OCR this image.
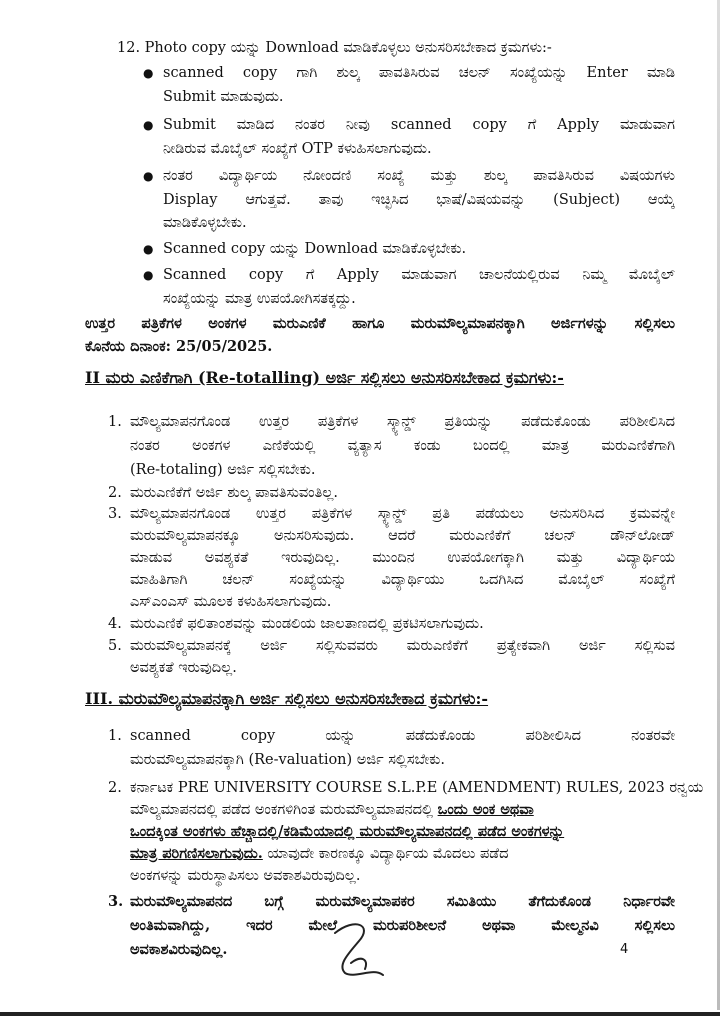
12. Photo copy ಯನ್ನು Download ಮಾಡಿಕೊಳ್ಳಲು ಅನುಸರಿಸಬೇಕಾದ ಕ್ರಮಗಳು:-
● scanned copy ಗಾಗಿ ಶುಲ್ಕ ಪಾವತಿಸಿರುವ ಚಲನ್ ಸಂಖ್ಯೆಯನ್ನು Enter ಮಾಡಿ
Submit ಮಾಡುವುದು.
● Submit ಮಾಡಿದ ನಂತರ ನೀವು scanned copy ಗೆ Apply ಮಾಡುವಾಗ
ನೀಡಿರುವ ಮೊಬೈಲ್ ಸಂಖ್ಯೆಗೆ OTP ಕಳುಹಿಸಲಾಗುವುದು.
● ನಂತರ ವಿದ್ಯಾರ್ಥಿಯ ನೋಂದಣಿ ಸಂಖ್ಯೆ ಮತ್ತು ಶುಲ್ಕ ಪಾವತಿಸಿರುವ ವಿಷಯಗಳು
Display ಆಗುತ್ತವೆ. ತಾವು ಇಚ್ಛಿಸಿದ ಭಾಷೆ/ವಿಷಯವನ್ನು (Subject) ಆಯ್ಕೆ
ಮಾಡಿಕೊಳ್ಳಬೇಕು.
● Scanned copy ಯನ್ನು Download ಮಾಡಿಕೊಳ್ಳಬೇಕು.
● Scanned copy ಗೆ Apply ಮಾಡುವಾಗ ಚಾಲನೆಯಲ್ಲಿರುವ ನಿಮ್ಮ ಮೊಬೈಲ್
ಸಂಖ್ಯೆಯನ್ನು ಮಾತ್ರ ಉಪಯೋಗಿಸತಕ್ಕದ್ದು.
ಉತ್ತರ ಪತ್ರಿಕೆಗಳ ಅಂಕಗಳ ಮರುಎಣಿಕೆ ಹಾಗೂ ಮರುಮೌಲ್ಯಮಾಪನಕ್ಕಾಗಿ ಅರ್ಜಿಗಳನ್ನು ಸಲ್ಲಿಸಲು
ಕೊನೆಯ ದಿನಾಂಕ: 25/05/2025.
II ಮರು ಎಣಿಕೆಗಾಗಿ (Re-totalling) ಅರ್ಜಿ ಸಲ್ಲಿಸಲು ಅನುಸರಿಸಬೇಕಾದ ಕ್ರಮಗಳು:-
1. ಮೌಲ್ಯಮಾಪನಗೊಂಡ ಉತ್ತರ ಪತ್ರಿಕೆಗಳ ಸ್ಕ್ಯಾನ್ಡ್ ಪ್ರತಿಯನ್ನು ಪಡೆದುಕೊಂಡು ಪರಿಶೀಲಿಸಿದ
ನಂತರ ಅಂಕಗಳ ಎಣಿಕೆಯಲ್ಲಿ ವ್ಯತ್ಯಾಸ ಕಂಡು ಬಂದಲ್ಲಿ ಮಾತ್ರ ಮರುಎಣಿಕೆಗಾಗಿ
(Re-totaling) ಅರ್ಜಿ ಸಲ್ಲಿಸಬೇಕು.
2. ಮರುಎಣಿಕೆಗೆ ಅರ್ಜಿ ಶುಲ್ಕ ಪಾವತಿಸುವಂತಿಲ್ಲ.
3. ಮೌಲ್ಯಮಾಪನಗೊಂಡ ಉತ್ತರ ಪತ್ರಿಕೆಗಳ ಸ್ಕ್ಯಾನ್ಡ್ ಪ್ರತಿ ಪಡೆಯಲು ಅನುಸರಿಸಿದ ಕ್ರಮವನ್ನೇ
ಮರುಮೌಲ್ಯಮಾಪನಕ್ಕೂ ಅನುಸರಿಸುವುದು. ಆದರೆ ಮರುಎಣಿಕೆಗೆ ಚಲನ್ ಡೌನ್‌ಲೋಡ್
ಮಾಡುವ ಅವಶ್ಯಕತೆ ಇರುವುದಿಲ್ಲ. ಮುಂದಿನ ಉಪಯೋಗಕ್ಕಾಗಿ ಮತ್ತು ವಿದ್ಯಾರ್ಥಿಯ
ಮಾಹಿತಿಗಾಗಿ ಚಲನ್ ಸಂಖ್ಯೆಯನ್ನು ವಿದ್ಯಾರ್ಥಿಯು ಒದಗಿಸಿದ ಮೊಬೈಲ್ ಸಂಖ್ಯೆಗೆ
ಎಸ್‌ಎಂಎಸ್ ಮೂಲಕ ಕಳುಹಿಸಲಾಗುವುದು.
4. ಮರುಎಣಿಕೆ ಫಲಿತಾಂಶವನ್ನು ಮಂಡಲಿಯ ಜಾಲತಾಣದಲ್ಲಿ ಪ್ರಕಟಿಸಲಾಗುವುದು.
5. ಮರುಮೌಲ್ಯಮಾಪನಕ್ಕೆ ಅರ್ಜಿ ಸಲ್ಲಿಸುವವರು ಮರುಎಣಿಕೆಗೆ ಪ್ರತ್ಯೇಕವಾಗಿ ಅರ್ಜಿ ಸಲ್ಲಿಸುವ
ಅವಶ್ಯಕತೆ ಇರುವುದಿಲ್ಲ.
III. ಮರುಮೌಲ್ಯಮಾಪನಕ್ಕಾಗಿ ಅರ್ಜಿ ಸಲ್ಲಿಸಲು ಅನುಸರಿಸಬೇಕಾದ ಕ್ರಮಗಳು:-
1. scanned copy ಯನ್ನು ಪಡೆದುಕೊಂಡು ಪರಿಶೀಲಿಸಿದ ನಂತರವೇ
ಮರುಮೌಲ್ಯಮಾಪನಕ್ಕಾಗಿ (Re-valuation) ಅರ್ಜಿ ಸಲ್ಲಿಸಬೇಕು.
2. ಕರ್ನಾಟಕ PRE UNIVERSITY COURSE S.L.P.E (AMENDMENT) RULES, 2023 ರನ್ವಯ
ಮೌಲ್ಯಮಾಪನದಲ್ಲಿ ಪಡೆದ ಅಂಕಗಳಿಗಿಂತ ಮರುಮೌಲ್ಯಮಾಪನದಲ್ಲಿ ಒಂದು ಅಂಕ ಅಥವಾ
ಒಂದಕ್ಕಿಂತ ಅಂಕಗಳು ಹೆಚ್ಚಾದಲ್ಲಿ/ಕಡಿಮೆಯಾದಲ್ಲಿ ಮರುಮೌಲ್ಯಮಾಪನದಲ್ಲಿ ಪಡೆದ ಅಂಕಗಳನ್ನು
ಮಾತ್ರ ಪರಿಗಣಿಸಲಾಗುವುದು. ಯಾವುದೇ ಕಾರಣಕ್ಕೂ ವಿದ್ಯಾರ್ಥಿಯ ಮೊದಲು ಪಡೆದ
ಅಂಕಗಳನ್ನು ಮರುಸ್ಥಾಪಿಸಲು ಅವಕಾಶವಿರುವುದಿಲ್ಲ.
3. ಮರುಮೌಲ್ಯಮಾಪನದ ಬಗ್ಗೆ ಮರುಮೌಲ್ಯಮಾಪಕರ ಸಮಿತಿಯು ತೆಗೆದುಕೊಂಡ ನಿರ್ಧಾರವೇ
ಅಂತಿಮವಾಗಿದ್ದು, ಇದರ ಮೇಲೆ ಮರುಪರಿಶೀಲನೆ ಅಥವಾ ಮೇಲ್ಮನವಿ ಸಲ್ಲಿಸಲು
ಅವಕಾಶವಿರುವುದಿಲ್ಲ.	4
